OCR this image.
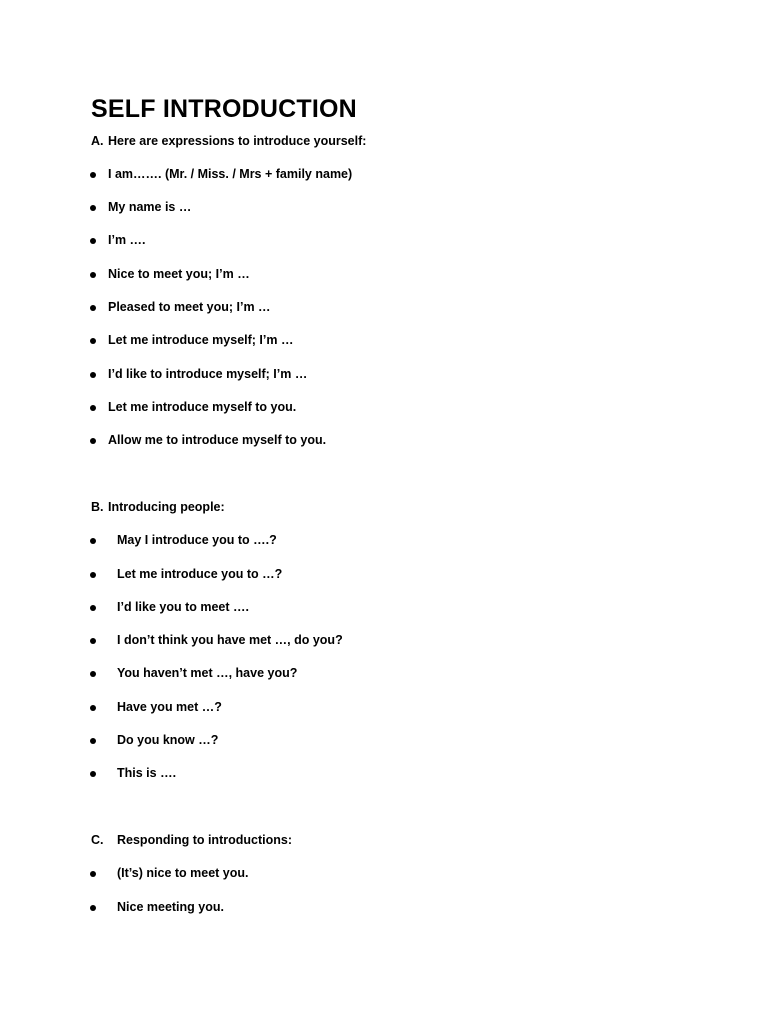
SELF INTRODUCTION
A. Here are expressions to introduce yourself:
I am……. (Mr. / Miss. / Mrs + family name)
My name is …
I’m ….
Nice to meet you; I’m …
Pleased to meet you; I’m …
Let me introduce myself; I’m …
I’d like to introduce myself; I’m …
Let me introduce myself to you.
Allow me to introduce myself to you.
B. Introducing people:
May I introduce you to ….?
Let me introduce you to …?
I’d like you to meet ….
I don’t think you have met …, do you?
You haven’t met …, have you?
Have you met …?
Do you know …?
This is ….
C. Responding to introductions:
(It’s) nice to meet you.
Nice meeting you.
